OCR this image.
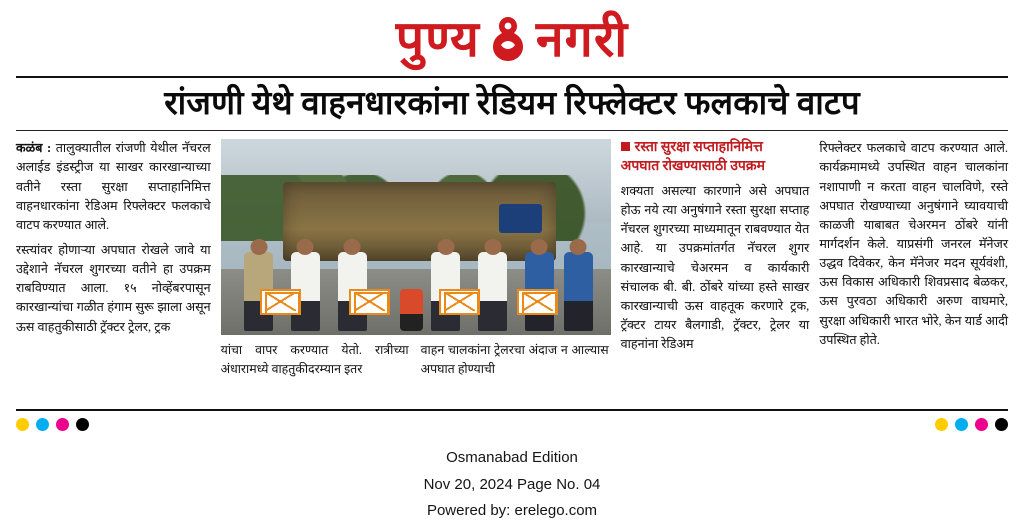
पुण्य नगरी
रांजणी येथे वाहनधारकांना रेडियम रिफ्लेक्टर फलकाचे वाटप

कळंब : तालुक्यातील रांजणी येथील नॅचरल अलाईड इंडस्ट्रीज या साखर कारखान्याच्या वतीने रस्ता सुरक्षा सप्ताहानिमित्त वाहनधारकांना रेडिअम रिफ्लेक्टर फलकाचे वाटप करण्यात आले.

रस्त्यांवर होणाऱ्या अपघात रोखले जावे या उद्देशाने नॅचरल शुगरच्या वतीने हा उपक्रम राबविण्यात आला. १५ नोव्हेंबरपासून कारखान्यांचा गळीत हंगाम सुरू झाला असून ऊस वाहतुकीसाठी ट्रॅक्टर ट्रेलर, ट्रक

यांचा वापर करण्यात येतो. रात्रीच्या अंधारामध्ये वाहतुकीदरम्यान इतर
वाहन चालकांना ट्रेलरचा अंदाज न आल्यास अपघात होण्याची
रस्ता सुरक्षा सप्ताहानिमित्त
अपघात रोखण्यासाठी उपक्रम

शक्यता असल्या कारणाने असे अपघात होऊ नये त्या अनुषंगाने रस्ता सुरक्षा सप्ताह नॅचरल शुगरच्या माध्यमातून राबवण्यात येत आहे. या उपक्रमांतर्गत नॅचरल शुगर कारखान्याचे चेअरमन व कार्यकारी संचालक बी. बी. ठोंबरे यांच्या हस्ते साखर कारखान्याची ऊस वाहतूक करणारे ट्रक, ट्रॅक्टर टायर बैलगाडी, ट्रॅक्टर, ट्रेलर या वाहनांना रेडिअम

रिफ्लेक्टर फलकाचे वाटप करण्यात आले. कार्यक्रमामध्ये उपस्थित वाहन चालकांना नशापाणी न करता वाहन चालविणे, रस्ते अपघात रोखण्याच्या अनुषंगाने घ्यावयाची काळजी याबाबत चेअरमन ठोंबरे यांनी मार्गदर्शन केले. याप्रसंगी जनरल मॅनेजर उद्धव दिवेकर, केन मॅनेजर मदन सूर्यवंशी, ऊस विकास अधिकारी शिवप्रसाद बेळकर, ऊस पुरवठा अधिकारी अरुण वाघमारे, सुरक्षा अधिकारी भारत भोरे, केन यार्ड आदी उपस्थित होते.

Osmanabad Edition
Nov 20, 2024 Page No. 04
Powered by: erelego.com
